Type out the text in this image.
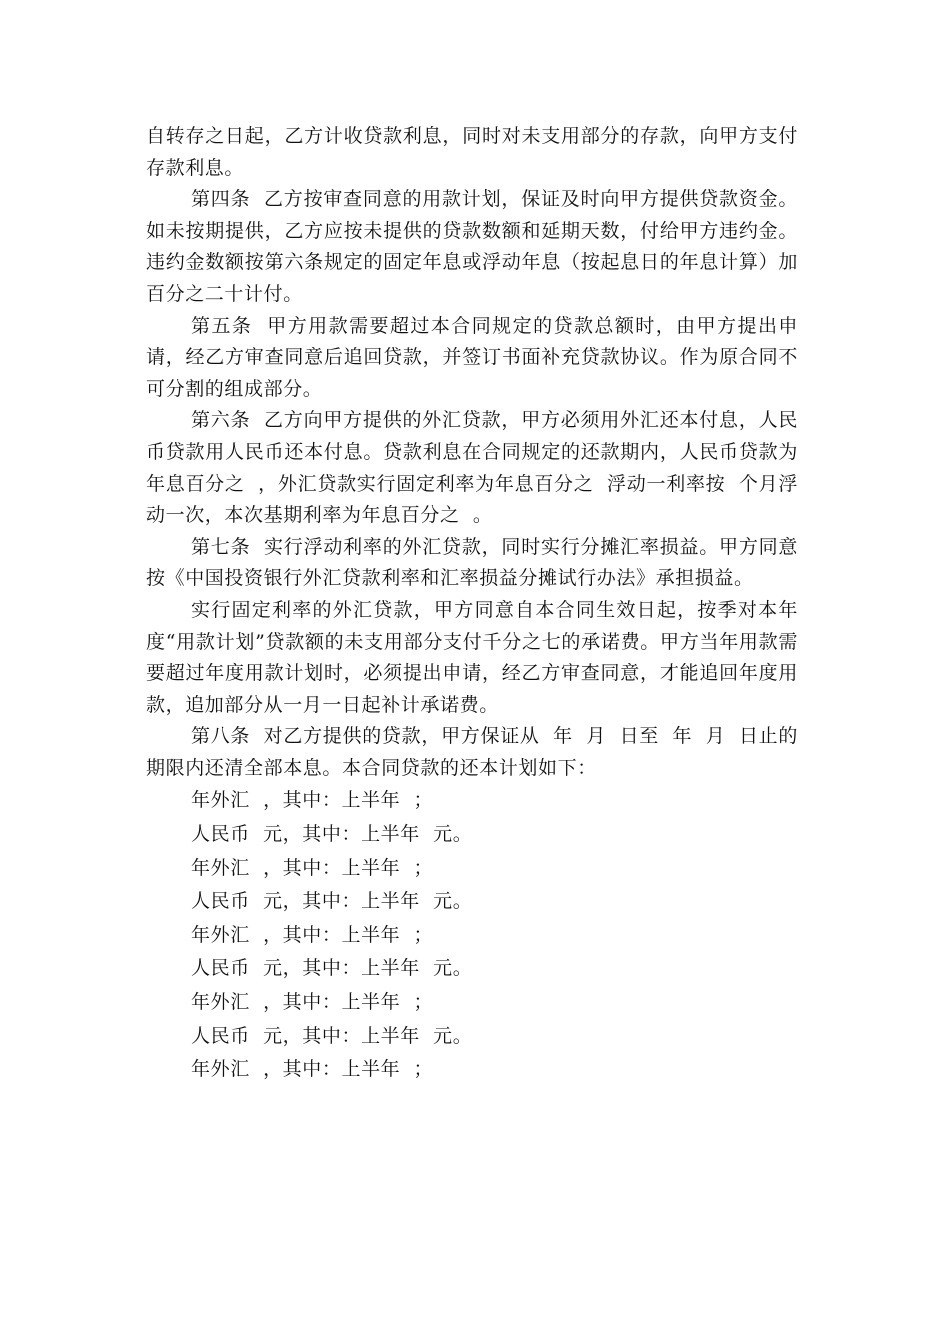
自转存之日起，乙方计收贷款利息，同时对未支用部分的存款，向甲方支付存款利息。

第四条  乙方按审查同意的用款计划，保证及时向甲方提供贷款资金。如未按期提供，乙方应按未提供的贷款数额和延期天数，付给甲方违约金。违约金数额按第六条规定的固定年息或浮动年息（按起息日的年息计算）加百分之二十计付。

第五条  甲方用款需要超过本合同规定的贷款总额时，由甲方提出申请，经乙方审查同意后追回贷款，并签订书面补充贷款协议。作为原合同不可分割的组成部分。

第六条  乙方向甲方提供的外汇贷款，甲方必须用外汇还本付息，人民币贷款用人民币还本付息。贷款利息在合同规定的还款期内，人民币贷款为年息百分之  ，外汇贷款实行固定利率为年息百分之  浮动一利率按  个月浮动一次，本次基期利率为年息百分之  。

第七条  实行浮动利率的外汇贷款，同时实行分摊汇率损益。甲方同意按《中国投资银行外汇贷款利率和汇率损益分摊试行办法》承担损益。

实行固定利率的外汇贷款，甲方同意自本合同生效日起，按季对本年度“用款计划”贷款额的未支用部分支付千分之七的承诺费。甲方当年用款需要超过年度用款计划时，必须提出申请，经乙方审查同意，才能追回年度用款，追加部分从一月一日起补计承诺费。

第八条  对乙方提供的贷款，甲方保证从  年  月  日至  年  月  日止的期限内还清全部本息。本合同贷款的还本计划如下：

年外汇  ，其中：上半年  ；

人民币  元，其中：上半年  元。

年外汇  ，其中：上半年  ；

人民币  元，其中：上半年  元。

年外汇  ，其中：上半年  ；

人民币  元，其中：上半年  元。

年外汇  ，其中：上半年  ；

人民币  元，其中：上半年  元。

年外汇  ，其中：上半年  ；
